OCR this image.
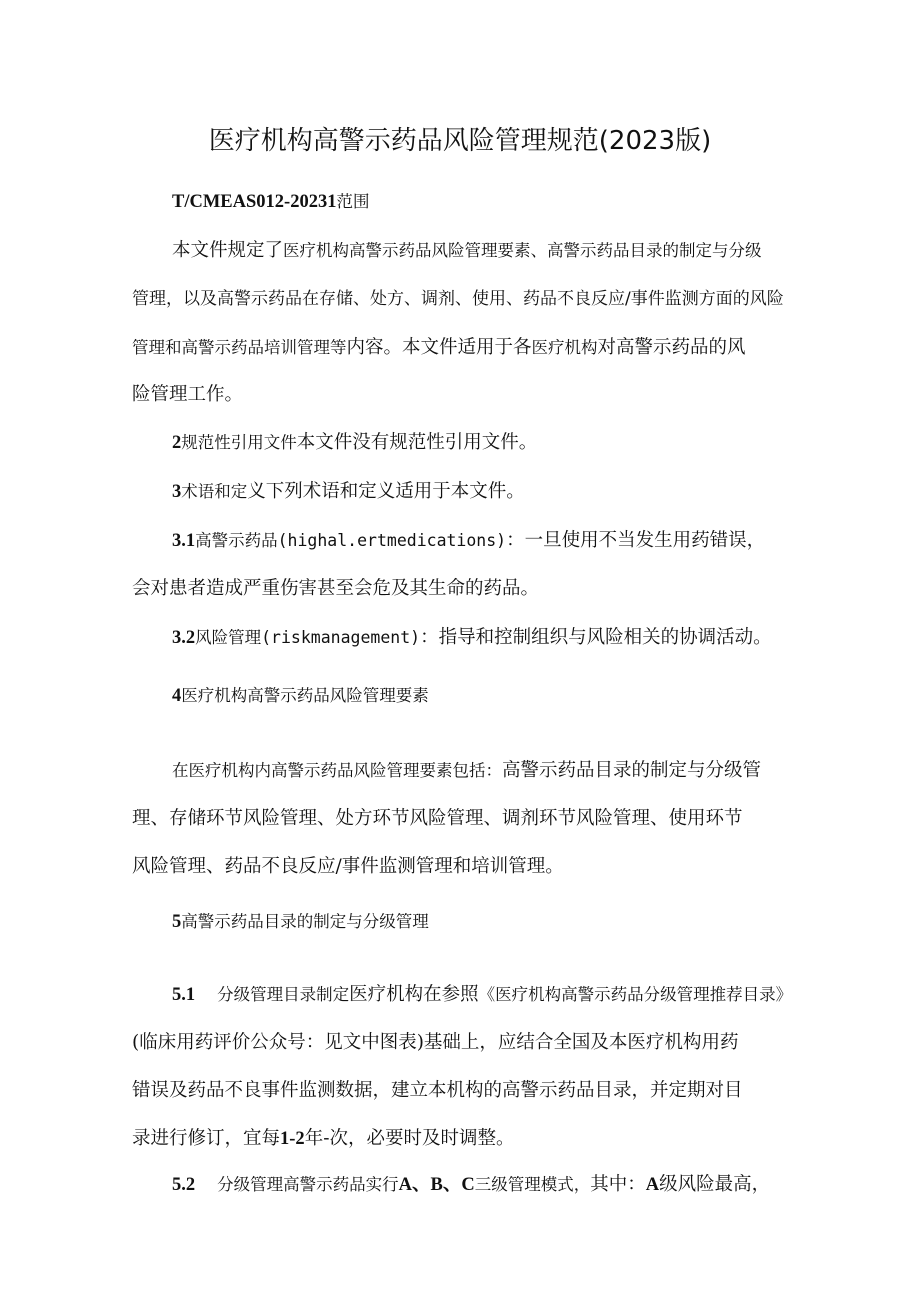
医疗机构高警示药品风险管理规范(2023版)
T/CMEAS012-20231范围
本文件规定了医疗机构高警示药品风险管理要素、高警示药品目录的制定与分级
管理，以及高警示药品在存储、处方、调剂、使用、药品不良反应/事件监测方面的风险
管理和高警示药品培训管理等内容。本文件适用于各医疗机构对高警示药品的风
险管理工作。
2规范性引用文件本文件没有规范性引用文件。
3术语和定义下列术语和定义适用于本文件。
3.1高警示药品(highal.ertmedications)：一旦使用不当发生用药错误，
会对患者造成严重伤害甚至会危及其生命的药品。
3.2风险管理(riskmanagement)：指导和控制组织与风险相关的协调活动。
4医疗机构高警示药品风险管理要素
在医疗机构内高警示药品风险管理要素包括：高警示药品目录的制定与分级管
理、存储环节风险管理、处方环节风险管理、调剂环节风险管理、使用环节
风险管理、药品不良反应/事件监测管理和培训管理。
5高警示药品目录的制定与分级管理
5.1 分级管理目录制定医疗机构在参照《医疗机构高警示药品分级管理推荐目录》
(临床用药评价公众号：见文中图表)基础上，应结合全国及本医疗机构用药
错误及药品不良事件监测数据，建立本机构的高警示药品目录，并定期对目
录进行修订，宜每1-2年-次，必要时及时调整。
5.2 分级管理高警示药品实行A、B、C三级管理模式，其中：A级风险最高，
